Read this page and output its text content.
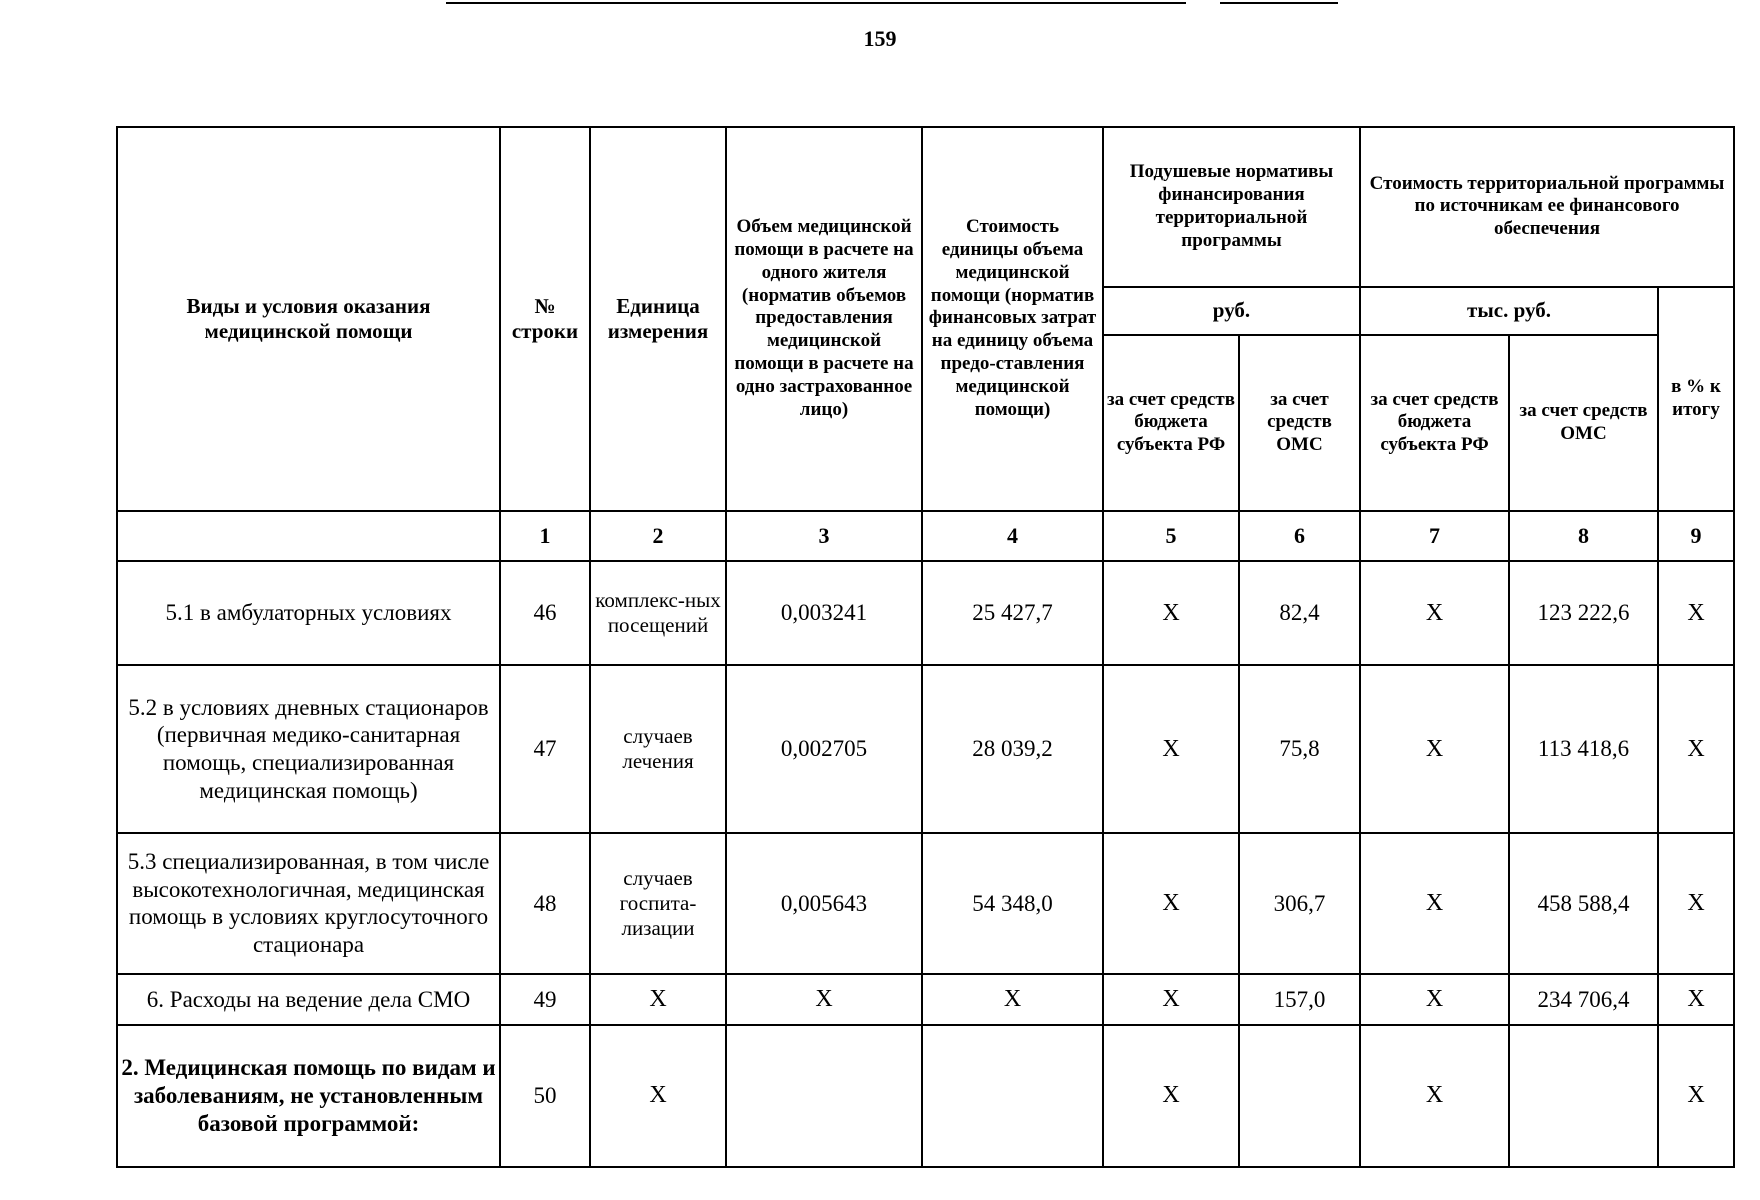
159
Виды и условия оказания медицинской помощи	№ строки	Единица измерения	Объем медицинской помощи в расчете на одного жителя (норматив объемов предоставления медицинской помощи в расчете на одно застрахованное лицо)	Стоимость единицы объема медицинской помощи (норматив финансовых затрат на единицу объема предо-ставления медицинской помощи)	Подушевые нормативы финансирования территориальной программы		Стоимость территориальной программы по источникам ее финансового обеспечения		
					руб.		тыс. руб.		в % к итогу
					за счет средств бюджета субъекта РФ	за счет средств ОМС	за счет средств бюджета субъекта РФ	за счет средств ОМС	
	1	2	3	4	5	6	7	8	9
5.1 в амбулаторных условиях	46	комплекс-ных посещений	0,003241	25 427,7	Х	82,4	Х	123 222,6	Х
5.2 в условиях дневных стационаров (первичная медико-санитарная помощь, специализированная медицинская помощь)	47	случаев лечения	0,002705	28 039,2	Х	75,8	Х	113 418,6	Х
5.3 специализированная, в том числе высокотехнологичная, медицинская помощь в условиях круглосуточного стационара	48	случаев госпита-лизации	0,005643	54 348,0	Х	306,7	Х	458 588,4	Х
6. Расходы на ведение дела СМО	49	Х	Х	Х	Х	157,0	Х	234 706,4	Х
2. Медицинская помощь по видам и заболеваниям, не установленным базовой программой:	50	Х			Х		Х		Х
